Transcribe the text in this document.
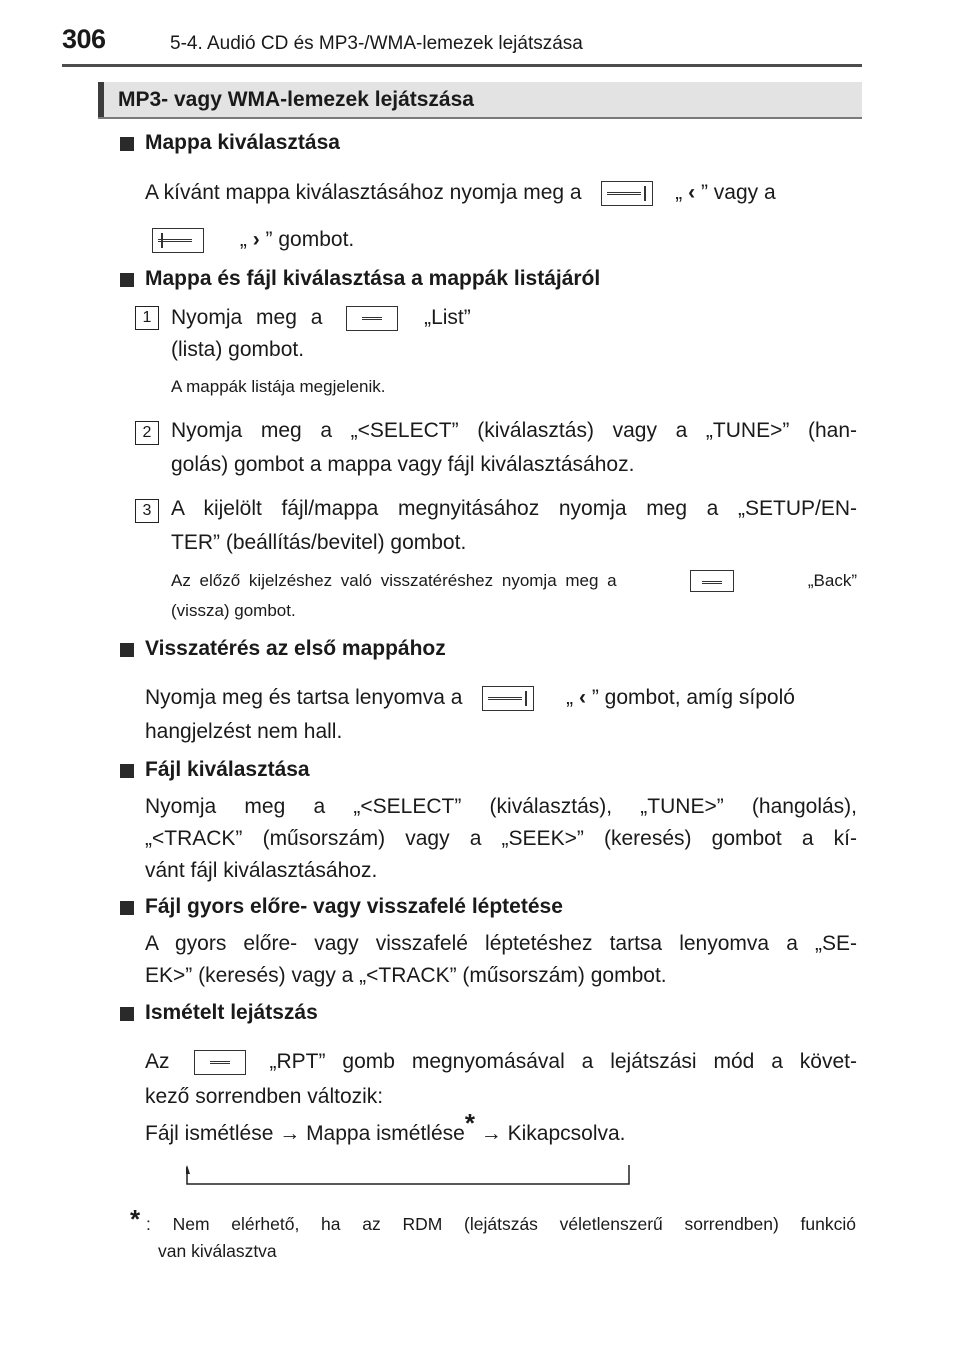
306	5-4. Audió CD és MP3-/WMA-lemezek lejátszása
MP3- vagy WMA-lemezek lejátszása
Mappa kiválasztása
A kívánt mappa kiválasztásához nyomja meg a	„ ‹ ” vagy a
„ › ” gombot.
Mappa és fájl kiválasztása a mappák listájáról
1 Nyomja meg a	„List”
(lista) gombot.
A mappák listája megjelenik.
2 Nyomja meg a „<SELECT” (kiválasztás) vagy a „TUNE>” (han-
golás) gombot a mappa vagy fájl kiválasztásához.
3 A kijelölt fájl/mappa megnyitásához nyomja meg a „SETUP/EN-
TER” (beállítás/bevitel) gombot.
Az előző kijelzéshez való visszatéréshez nyomja meg a	„Back”
(vissza) gombot.
Visszatérés az első mappához
Nyomja meg és tartsa lenyomva a	„ ‹ ” gombot, amíg sípoló
hangjelzést nem hall.
Fájl kiválasztása
Nyomja meg a „<SELECT” (kiválasztás), „TUNE>” (hangolás),
„<TRACK” (műsorszám) vagy a „SEEK>” (keresés) gombot a kí-
vánt fájl kiválasztásához.
Fájl gyors előre- vagy visszafelé léptetése
A gyors előre- vagy visszafelé léptetéshez tartsa lenyomva a „SE-
EK>” (keresés) vagy a „<TRACK” (műsorszám) gombot.
Ismételt lejátszás
Az	„RPT” gomb megnyomásával a lejátszási mód a követ-
kező sorrendben változik:
Fájl ismétlése → Mappa ismétlése* → Kikapcsolva.
* : Nem elérhető, ha az RDM (lejátszás véletlenszerű sorrendben) funkció
van kiválasztva
